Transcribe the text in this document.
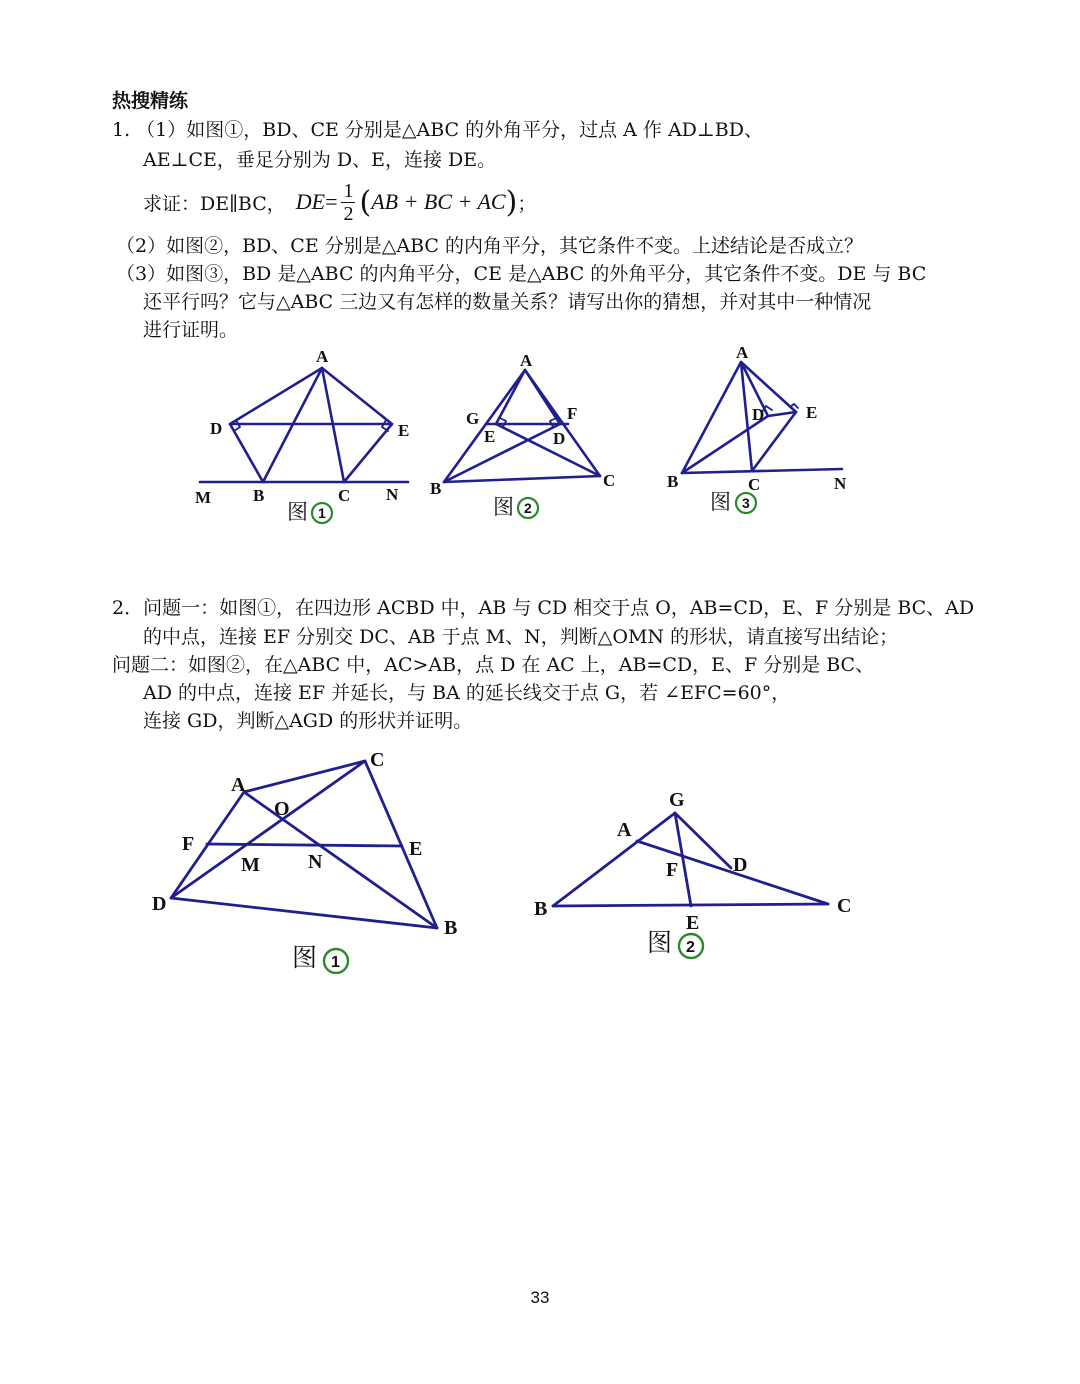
热搜精练
1. （1）如图①，BD、CE 分别是△ABC 的外角平分，过点 A 作 AD⊥BD、
AE⊥CE，垂足分别为 D、E，连接 DE。
求证：DE∥BC， DE = $\frac{1}{2}$ ( AB + BC + AC ) ；
（2）如图②，BD、CE 分别是△ABC 的内角平分，其它条件不变。上述结论是否成立？
（3）如图③，BD 是△ABC 的内角平分，CE 是△ABC 的外角平分，其它条件不变。DE 与 BC
还平行吗？它与△ABC 三边又有怎样的数量关系？请写出你的猜想，并对其中一种情况
进行证明。
A
D	E
M B	C N
图 1
A
G	F
E	D
B	C
图 2
A
D E
B	C	N
图 3
A
O
C
F	E
M N
D
B
图 1
G
A
F	D
B
E
C
图 2
2．问题一：如图①，在四边形 ACBD 中，AB 与 CD 相交于点 O，AB=CD，E、F 分别是 BC、AD
的中点，连接 EF 分别交 DC、AB 于点 M、N，判断△OMN 的形状，请直接写出结论；
问题二：如图②，在△ABC 中，AC>AB，点 D 在 AC 上，AB=CD，E、F 分别是 BC、
AD 的中点，连接 EF 并延长，与 BA 的延长线交于点 G，若 ∠EFC=60°，
连接 GD，判断△AGD 的形状并证明。
33
